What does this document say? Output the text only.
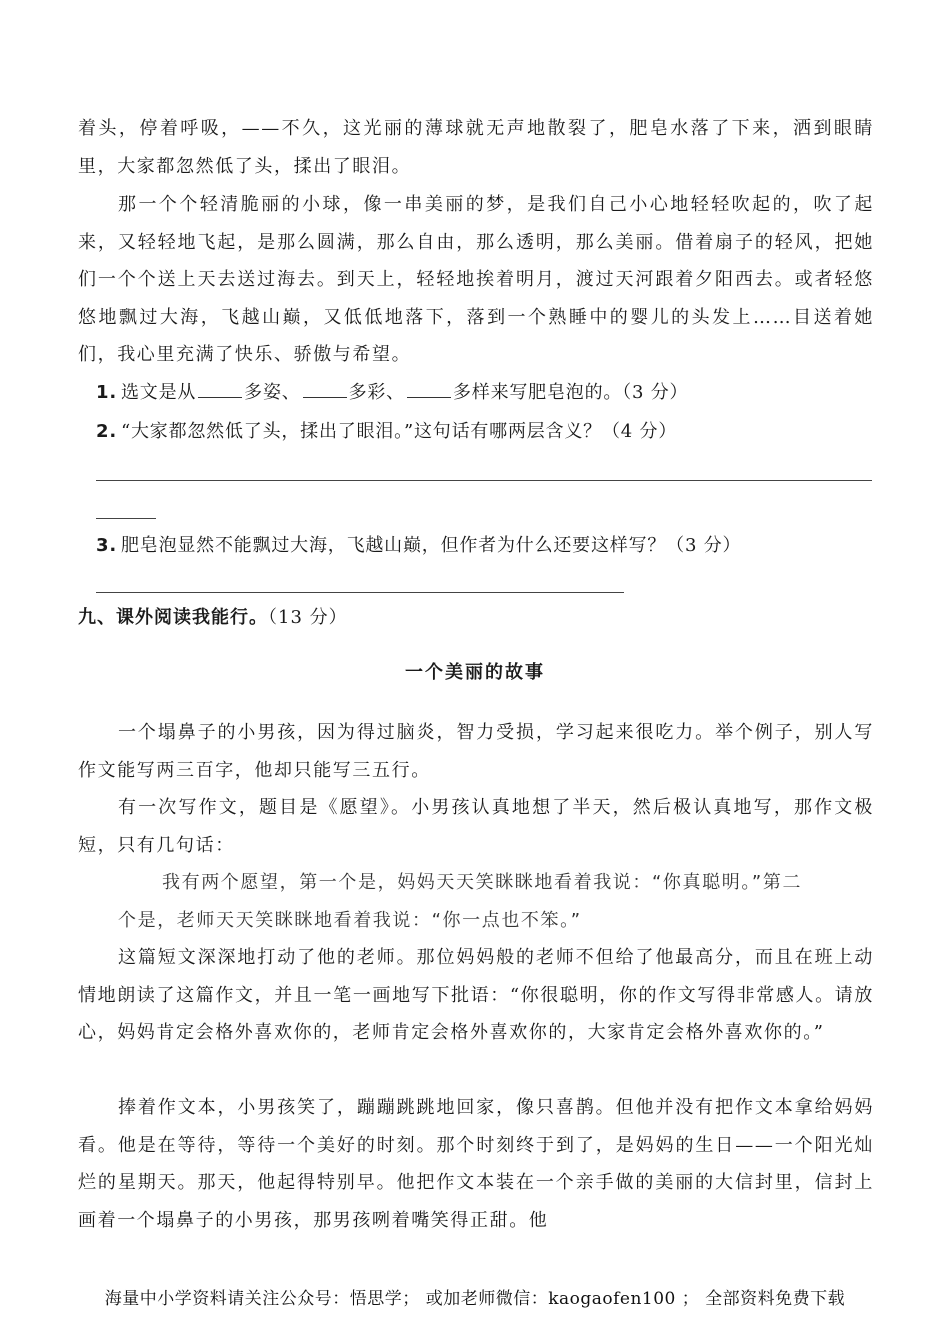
着头，停着呼吸，——不久，这光丽的薄球就无声地散裂了，肥皂水落了下来，洒到眼睛里，大家都忽然低了头，揉出了眼泪。

那一个个轻清脆丽的小球，像一串美丽的梦，是我们自己小心地轻轻吹起的，吹了起来，又轻轻地飞起，是那么圆满，那么自由，那么透明，那么美丽。借着扇子的轻风，把她们一个个送上天去送过海去。到天上，轻轻地挨着明月，渡过天河跟着夕阳西去。或者轻悠悠地飘过大海，飞越山巅，又低低地落下，落到一个熟睡中的婴儿的头发上……目送着她们，我心里充满了快乐、骄傲与希望。

1. 选文是从	多姿、	多彩、	多样来写肥皂泡的。（3 分）

2. “大家都忽然低了头，揉出了眼泪。”这句话有哪两层含义？（4 分）

3. 肥皂泡显然不能飘过大海，飞越山巅，但作者为什么还要这样写？（3 分）

九、课外阅读我能行。（13 分）

一个美丽的故事

一个塌鼻子的小男孩，因为得过脑炎，智力受损，学习起来很吃力。举个例子，别人写作文能写两三百字，他却只能写三五行。

有一次写作文，题目是《愿望》。小男孩认真地想了半天，然后极认真地写，那作文极短，只有几句话：

我有两个愿望，第一个是，妈妈天天笑眯眯地看着我说：“你真聪明。”第二
个是，老师天天笑眯眯地看着我说：“你一点也不笨。”

这篇短文深深地打动了他的老师。那位妈妈般的老师不但给了他最高分，而且在班上动情地朗读了这篇作文，并且一笔一画地写下批语：“你很聪明，你的作文写得非常感人。请放心，妈妈肯定会格外喜欢你的，老师肯定会格外喜欢你的，大家肯定会格外喜欢你的。”

捧着作文本，小男孩笑了，蹦蹦跳跳地回家，像只喜鹊。但他并没有把作文本拿给妈妈看。他是在等待，等待一个美好的时刻。那个时刻终于到了，是妈妈的生日——一个阳光灿烂的星期天。那天，他起得特别早。他把作文本装在一个亲手做的美丽的大信封里，信封上画着一个塌鼻子的小男孩，那男孩咧着嘴笑得正甜。他

海量中小学资料请关注公众号：悟思学； 或加老师微信：kaogaofen100 ； 全部资料免费下载
